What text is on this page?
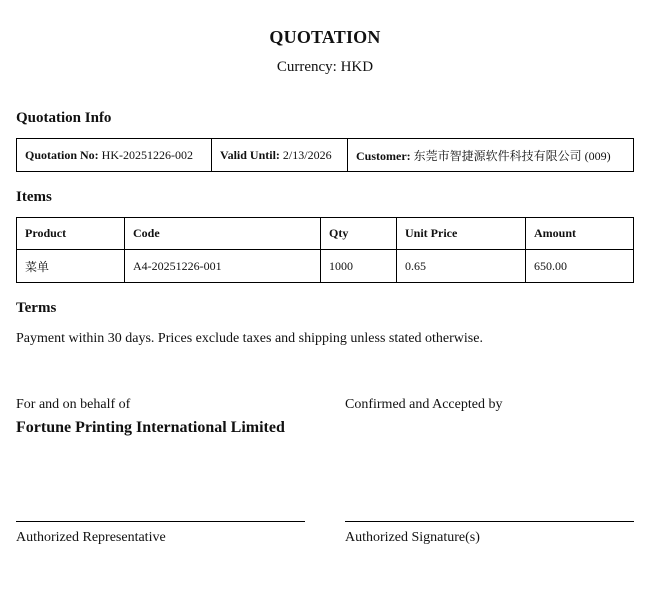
QUOTATION
Currency: HKD
Quotation Info
Quotation No: HK-20251226-002	Valid Until: 2/13/2026	Customer: 东莞市智捷源软件科技有限公司 (009)
Items
Product	Code	Qty	Unit Price	Amount
菜单	A4-20251226-001	1000	0.65	650.00
Terms
Payment within 30 days. Prices exclude taxes and shipping unless stated otherwise.
For and on behalf of
Fortune Printing International Limited
Confirmed and Accepted by
Authorized Representative	Authorized Signature(s)
